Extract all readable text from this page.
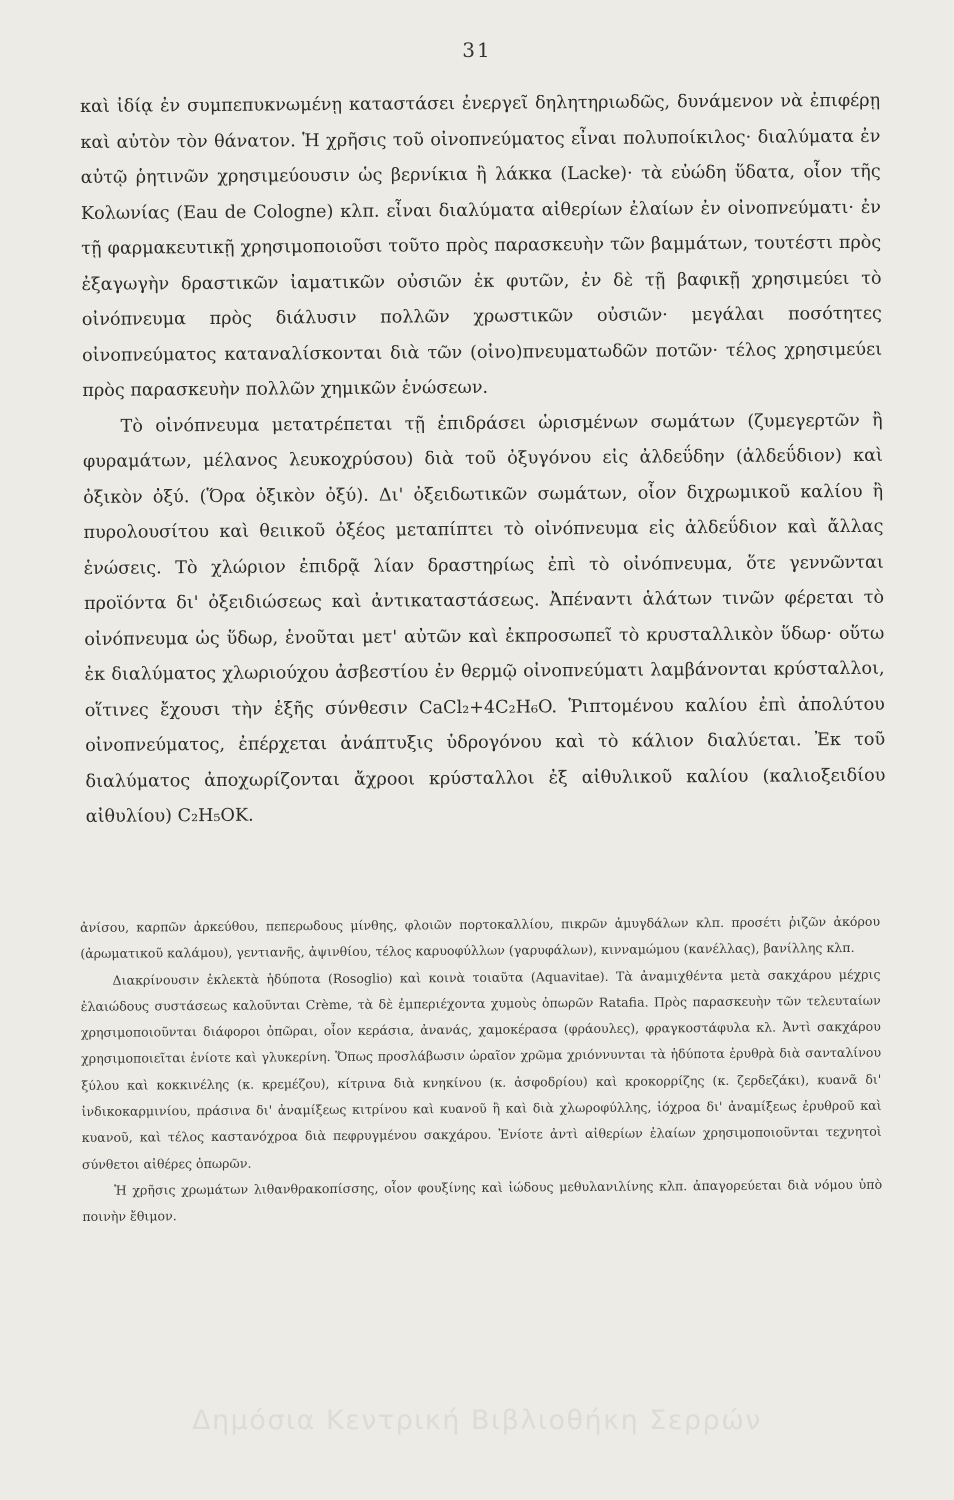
31

καὶ ἰδίᾳ ἐν συμπεπυκνωμένῃ καταστάσει ἐνεργεῖ δηλητηριωδῶς, δυνάμενον νὰ ἐπιφέρῃ καὶ αὐτὸν τὸν θάνατον. Ἡ χρῆσις τοῦ οἰνοπνεύματος εἶναι πολυποίκιλος· διαλύματα ἐν αὐτῷ ῥητινῶν χρησιμεύουσιν ὡς βερνίκια ἢ λάκκα (Lacke)· τὰ εὐώδη ὕδατα, οἷον τῆς Κολωνίας (Eau de Cologne) κλπ. εἶναι διαλύματα αἰθερίων ἐλαίων ἐν οἰνοπνεύματι· ἐν τῇ φαρμακευτικῇ χρησιμοποιοῦσι τοῦτο πρὸς παρασκευὴν τῶν βαμμάτων, τουτέστι πρὸς ἐξαγωγὴν δραστικῶν ἰαματικῶν οὐσιῶν ἐκ φυτῶν, ἐν δὲ τῇ βαφικῇ χρησιμεύει τὸ οἰνόπνευμα πρὸς διάλυσιν πολλῶν χρωστικῶν οὐσιῶν· μεγάλαι ποσότητες οἰνοπνεύματος καταναλίσκονται διὰ τῶν (οἰνο)πνευματωδῶν ποτῶν· τέλος χρησιμεύει πρὸς παρασκευὴν πολλῶν χημικῶν ἑνώσεων.

Τὸ οἰνόπνευμα μετατρέπεται τῇ ἐπιδράσει ὡρισμένων σωμάτων (ζυμεγερτῶν ἢ φυραμάτων, μέλανος λευκοχρύσου) διὰ τοῦ ὀξυγόνου εἰς ἀλδεΰδην (ἀλδεΰδιον) καὶ ὀξικὸν ὀξύ. (Ὅρα ὀξικὸν ὀξύ). Δι' ὀξειδωτικῶν σωμάτων, οἷον διχρωμικοῦ καλίου ἢ πυρολουσίτου καὶ θειικοῦ ὀξέος μεταπίπτει τὸ οἰνόπνευμα εἰς ἀλδεΰδιον καὶ ἄλλας ἑνώσεις. Τὸ χλώριον ἐπιδρᾷ λίαν δραστηρίως ἐπὶ τὸ οἰνόπνευμα, ὅτε γεννῶνται προϊόντα δι' ὀξειδιώσεως καὶ ἀντικαταστάσεως. Ἀπέναντι ἁλάτων τινῶν φέρεται τὸ οἰνόπνευμα ὡς ὕδωρ, ἑνοῦται μετ' αὐτῶν καὶ ἐκπροσωπεῖ τὸ κρυσταλλικὸν ὕδωρ· οὕτω ἐκ διαλύματος χλωριούχου ἀσβεστίου ἐν θερμῷ οἰνοπνεύματι λαμβάνονται κρύσταλλοι, οἵτινες ἔχουσι τὴν ἑξῆς σύνθεσιν CaCl₂+4C₂H₆O. Ῥιπτομένου καλίου ἐπὶ ἀπολύτου οἰνοπνεύματος, ἐπέρχεται ἀνάπτυξις ὑδρογόνου καὶ τὸ κάλιον διαλύεται. Ἐκ τοῦ διαλύματος ἀποχωρίζονται ἄχροοι κρύσταλλοι ἐξ αἰθυλικοῦ καλίου (καλιοξειδίου αἰθυλίου) C₂H₅OK.

ἀνίσου, καρπῶν ἀρκεύθου, πεπερωδους μίνθης, φλοιῶν πορτοκαλλίου, πικρῶν ἀμυγδάλων κλπ. προσέτι ῥιζῶν ἀκόρου (ἀρωματικοῦ καλάμου), γεντιανῆς, ἀψινθίου, τέλος καρυοφύλλων (γαρυφάλων), κινναμώμου (κανέλλας), βανίλλης κλπ.

Διακρίνουσιν ἐκλεκτὰ ἡδύποτα (Rosoglio) καὶ κοινὰ τοιαῦτα (Aquavitae). Τὰ ἀναμιχθέντα μετὰ σακχάρου μέχρις ἐλαιώδους συστάσεως καλοῦνται Crème, τὰ δὲ ἐμπεριέχοντα χυμοὺς ὀπωρῶν Ratafia. Πρὸς παρασκευὴν τῶν τελευταίων χρησιμοποιοῦνται διάφοροι ὀπῶραι, οἷον κεράσια, ἀνανάς, χαμοκέρασα (φράουλες), φραγκοστάφυλα κλ. Ἀντὶ σακχάρου χρησιμοποιεῖται ἐνίοτε καὶ γλυκερίνη. Ὅπως προσλάβωσιν ὡραῖον χρῶμα χριόννυνται τὰ ἡδύποτα ἐρυθρὰ διὰ σανταλίνου ξύλου καὶ κοκκινέλης (κ. κρεμέζου), κίτρινα διὰ κνηκίνου (κ. ἀσφοδρίου) καὶ κροκορρίζης (κ. ζερδεζάκι), κυανᾶ δι' ἰνδικοκαρμινίου, πράσινα δι' ἀναμίξεως κιτρίνου καὶ κυανοῦ ἢ καὶ διὰ χλωροφύλλης, ἰόχροα δι' ἀναμίξεως ἐρυθροῦ καὶ κυανοῦ, καὶ τέλος καστανόχροα διὰ πεφρυγμένου σακχάρου. Ἐνίοτε ἀντὶ αἰθερίων ἐλαίων χρησιμοποιοῦνται τεχνητοὶ σύνθετοι αἰθέρες ὀπωρῶν.

Ἡ χρῆσις χρωμάτων λιθανθρακοπίσσης, οἷον φουξίνης καὶ ἰώδους μεθυλανιλίνης κλπ. ἀπαγορεύεται διὰ νόμου ὑπὸ ποινὴν ἔθιμον.

Δημόσια Κεντρική Βιβλιοθήκη Σερρών
